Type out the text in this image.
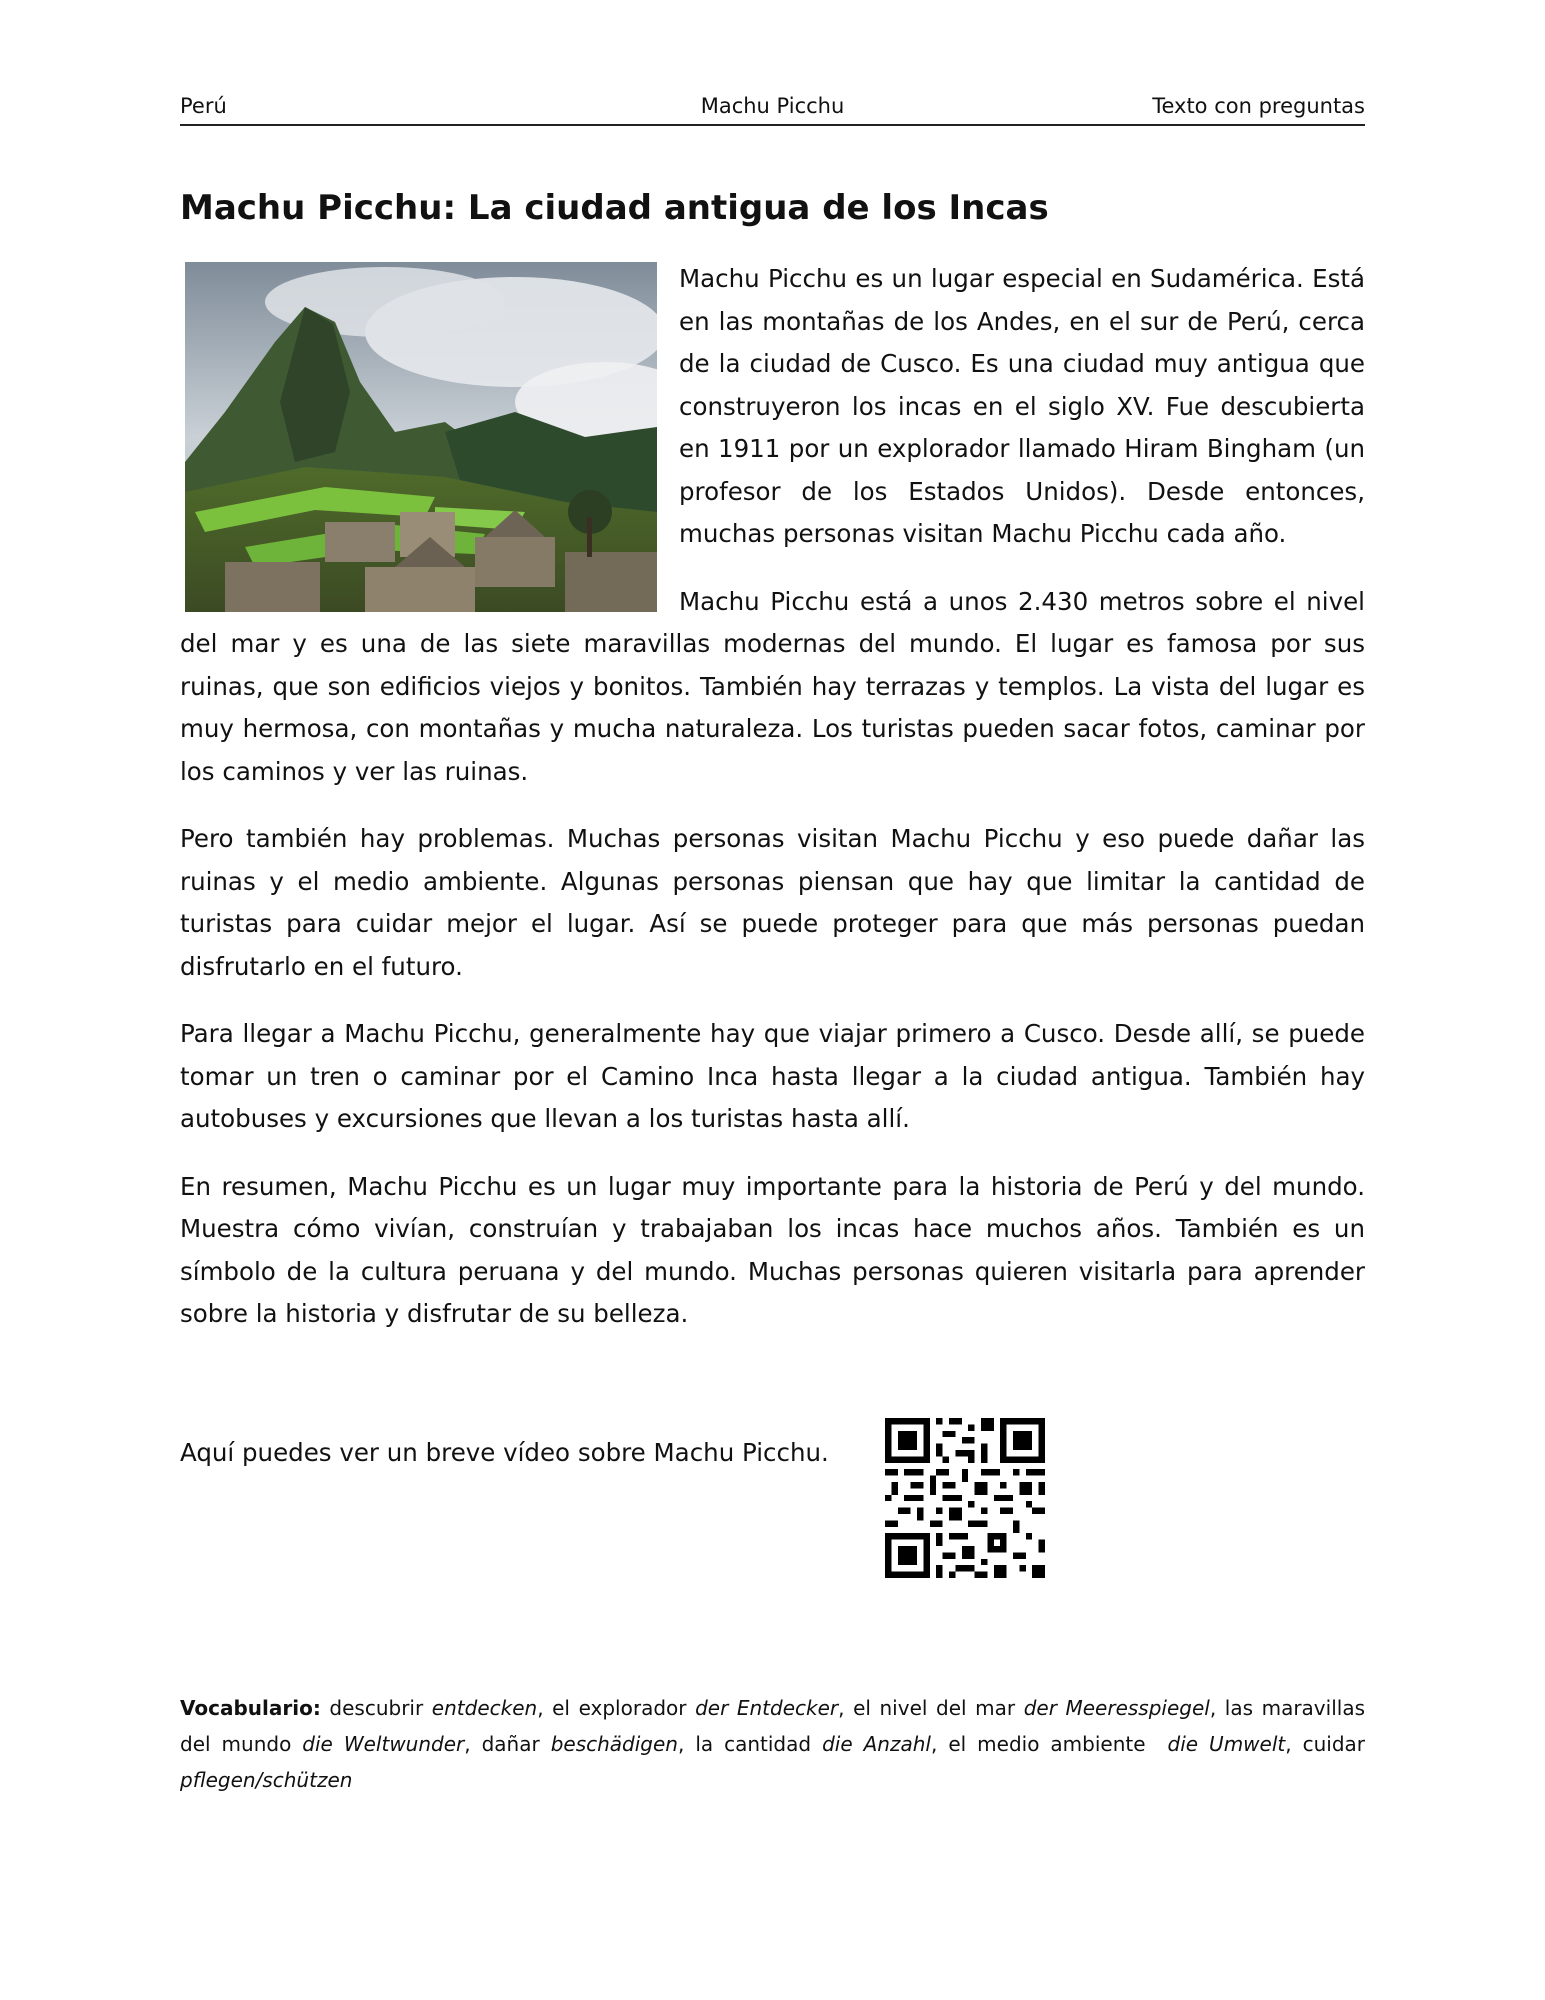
Machu Picchu
Perú	Texto con preguntas
Machu Picchu: La ciudad antigua de los Incas

Machu Picchu es un lugar especial en Sudamérica. Está en las montañas de los Andes, en el sur de Perú, cerca de la ciudad de Cusco. Es una ciudad muy antigua que construyeron los incas en el siglo XV. Fue descubierta en 1911 por un explorador llamado Hiram Bingham (un profesor de los Estados Unidos). Desde entonces, muchas personas visitan Machu Picchu cada año.

Machu Picchu está a unos 2.430 metros sobre el nivel del mar y es una de las siete maravillas modernas del mundo. El lugar es famosa por sus ruinas, que son edificios viejos y bonitos. También hay terrazas y templos. La vista del lugar es muy hermosa, con montañas y mucha naturaleza. Los turistas pueden sacar fotos, caminar por los caminos y ver las ruinas.

Pero también hay problemas. Muchas personas visitan Machu Picchu y eso puede dañar las ruinas y el medio ambiente. Algunas personas piensan que hay que limitar la cantidad de turistas para cuidar mejor el lugar. Así se puede proteger para que más personas puedan disfrutarlo en el futuro.

Para llegar a Machu Picchu, generalmente hay que viajar primero a Cusco. Desde allí, se puede tomar un tren o caminar por el Camino Inca hasta llegar a la ciudad antigua. También hay autobuses y excursiones que llevan a los turistas hasta allí.

En resumen, Machu Picchu es un lugar muy importante para la historia de Perú y del mundo. Muestra cómo vivían, construían y trabajaban los incas hace muchos años. También es un símbolo de la cultura peruana y del mundo. Muchas personas quieren visitarla para aprender sobre la historia y disfrutar de su belleza.

Aquí puedes ver un breve vídeo sobre Machu Picchu.
Vocabulario: descubrir entdecken, el explorador der Entdecker, el nivel del mar der Meeresspiegel, las maravillas del mundo die Weltwunder, dañar beschädigen, la cantidad die Anzahl, el medio ambiente die Umwelt, cuidar pflegen/schützen
